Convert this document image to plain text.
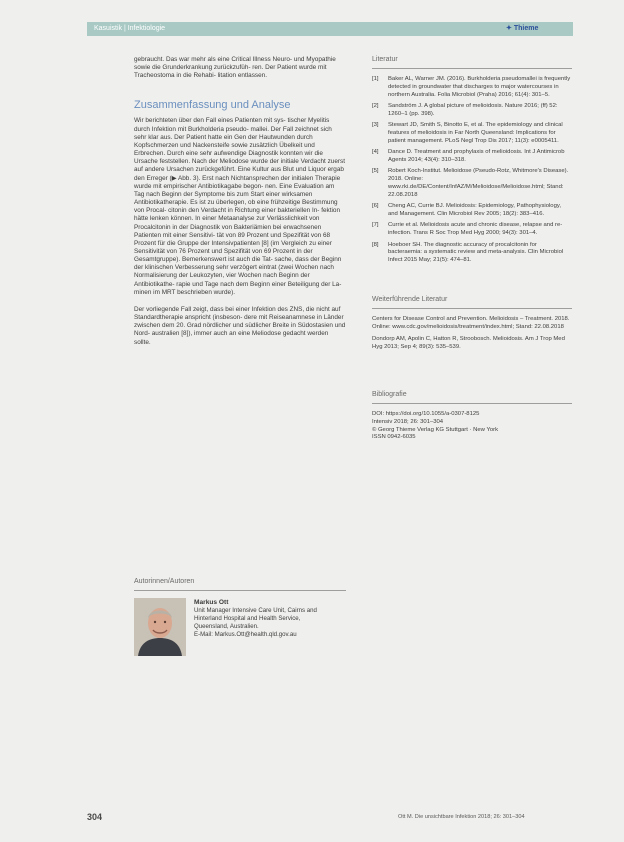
Kasuistik | Infektiologie	✦ Thieme

gebraucht. Das war mehr als eine Critical Illness Neuro- und Myopathie sowie die Grunderkrankung zurückzufüh- ren. Der Patient wurde mit Tracheostoma in die Rehabi- litation entlassen.

Zusammenfassung und Analyse

Wir berichteten über den Fall eines Patienten mit sys- tischer Myelitis durch Infektion mit Burkholderia pseudo- mallei. Der Fall zeichnet sich sehr klar aus. Der Patient hatte ein Gen der Hautwunden durch Kopfschmerzen und Nackensteife sowie zusätzlich Übelkeit und Erbrechen. Durch eine sehr aufwendige Diagnostik konnten wir die Ursache feststellen. Nach der Meliodose wurde der initiale Verdacht zuerst auf andere Ursachen zurückgeführt. Eine Kultur aus Blut und Liquor ergab den Erreger (▶ Abb. 3). Erst nach Nichtansprechen der initialen Therapie wurde mit empirischer Antibiotikagabe begon- nen. Eine Evaluation am Tag nach Beginn der Symptome bis zum Start einer wirksamen Antibiotikatherapie. Es ist zu überlegen, ob eine frühzeitige Bestimmung von Procal- citonin den Verdacht in Richtung einer bakteriellen In- fektion hätte lenken können. In einer Metaanalyse zur Verlässlichkeit von Procalcitonin in der Diagnostik von Bakteriämien bei erwachsenen Patienten mit einer Sensitivi- tät von 89 Prozent und Spezifität von 68 Prozent für die Gruppe der Intensivpatienten [8] (im Vergleich zu einer Sensitivität von 76 Prozent und Spezifität von 69 Prozent in der Gesamtgruppe). Bemerkenswert ist auch die Tat- sache, dass der Beginn der klinischen Verbesserung sehr verzögert eintrat (zwei Wochen nach Normalisierung der Leukozyten, vier Wochen nach Beginn der Antibiotikathe- rapie und Tage nach dem Beginn einer Beteiligung der La- minen im MRT beschrieben wurde).

Der vorliegende Fall zeigt, dass bei einer Infektion des ZNS, die nicht auf Standardtherapie anspricht (insbeson- dere mit Reiseanamnese in Länder zwischen dem 20. Grad nördlicher und südlicher Breite in Südostasien und Nord- australien [8]), immer auch an eine Meliodose gedacht werden sollte.

Autorinnen/Autoren

Markus Ott

Unit Manager Intensive Care Unit, Cairns and

Hinterland Hospital and Health Service,

Queensland, Australien.

E-Mail: Markus.Ott@health.qld.gov.au

Literatur

[1]	Baker AL, Warner JM. (2016). Burkholderia pseudomallei is frequently detected in groundwater that discharges to major watercourses in northern Australia. Folia Microbiol (Praha) 2016; 61(4): 301–5.
[2]	Sandström J. A global picture of melioidosis. Nature 2016; (ff) 52: 1260–1 (pp. 398).
[3]	Stewart JD, Smith S, Binotto E, et al. The epidemiology and clinical features of melioidosis in Far North Queensland: Implications for patient management. PLoS Negl Trop Dis 2017; 11(3): e0005411.
[4]	Dance D. Treatment and prophylaxis of melioidosis. Int J Antimicrob Agents 2014; 43(4): 310–318.
[5]	Robert Koch-Institut. Melioidose (Pseudo-Rotz, Whitmore's Disease). 2018. Online: www.rki.de/DE/Content/InfAZ/M/Melioidose/Melioidose.html; Stand: 22.08.2018
[6]	Cheng AC, Currie BJ. Melioidosis: Epidemiology, Pathophysiology, and Management. Clin Microbiol Rev 2005; 18(2): 383–416.
[7]	Currie et al. Melioidosis acute and chronic disease, relapse and re-infection. Trans R Soc Trop Med Hyg 2000; 94(3): 301–4.
[8]	Hoeboer SH. The diagnostic accuracy of procalcitonin for bacteraemia: a systematic review and meta-analysis. Clin Microbiol Infect 2015 May; 21(5): 474–81.

Weiterführende Literatur

Centers for Disease Control and Prevention. Melioidosis – Treatment. 2018. Online: www.cdc.gov/melioidosis/treatment/index.html; Stand: 22.08.2018

Dondorp AM, Apolin C, Hatton R, Stroobosch. Melioidosis. Am J Trop Med Hyg 2013; Sep 4; 89(3): 535–539.

Bibliografie

DOI: https://doi.org/10.1055/a-0307-8125

Intensiv 2018; 26: 301–304

© Georg Thieme Verlag KG Stuttgart · New York

ISSN 0942-6035

304	Ott M. Die unsichtbare Infektion 2018; 26: 301–304
